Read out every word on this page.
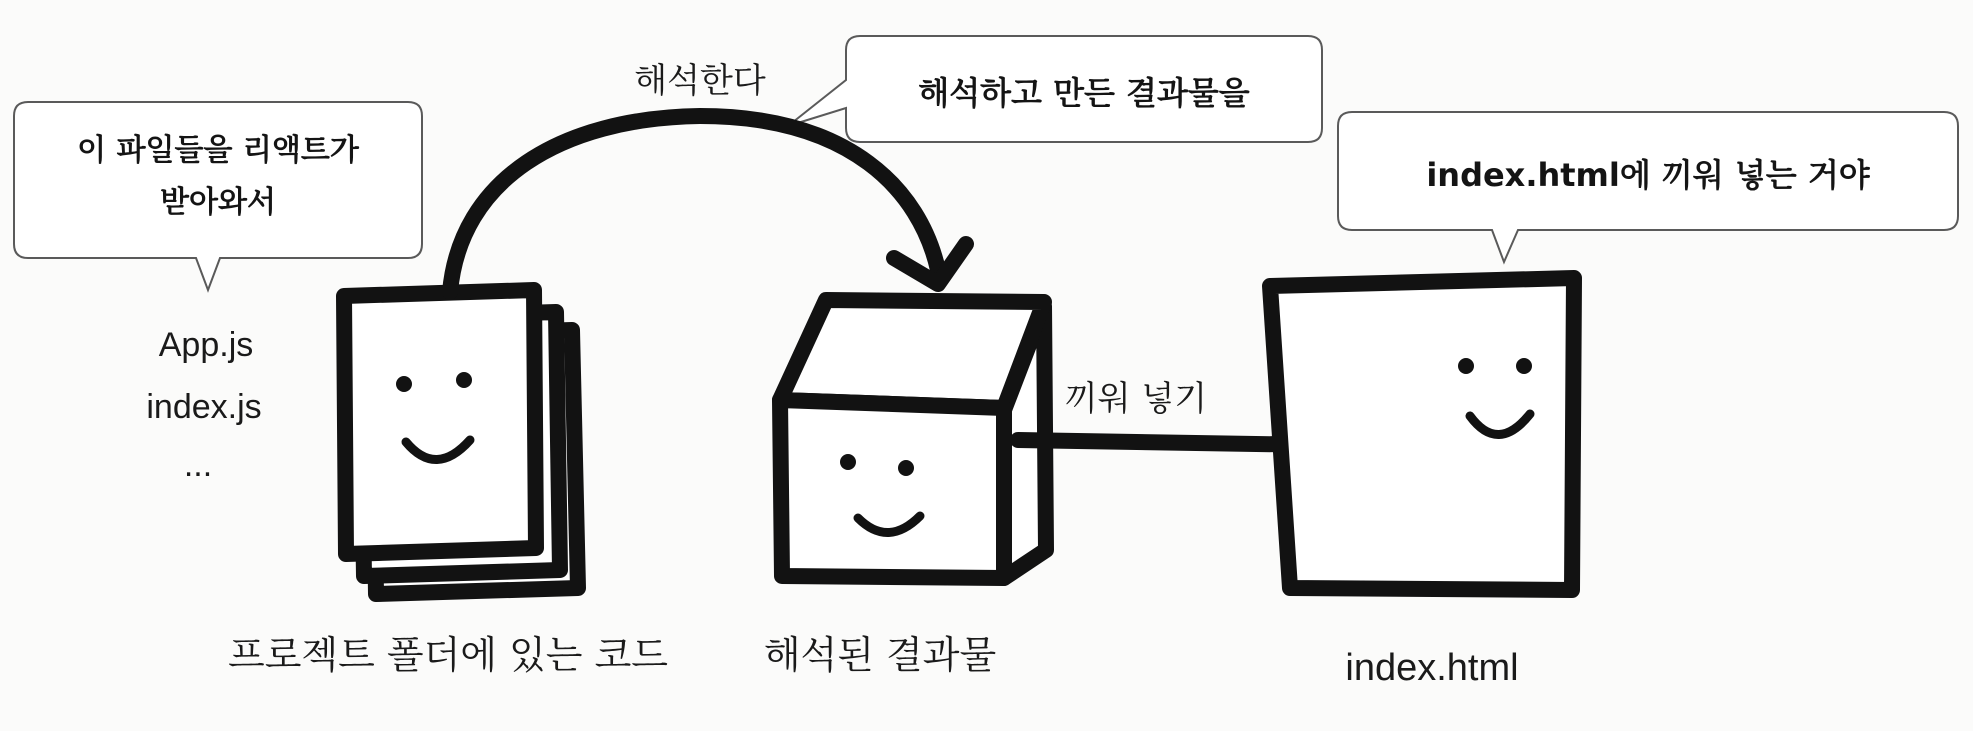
이 파일들을 리액트가
받아와서
해석하고 만든 결과물을
index.html에 끼워 넣는 거야
App.js
index.js
...
해석한다
끼워 넣기
프로젝트 폴더에 있는 코드	해석된 결과물	index.html
